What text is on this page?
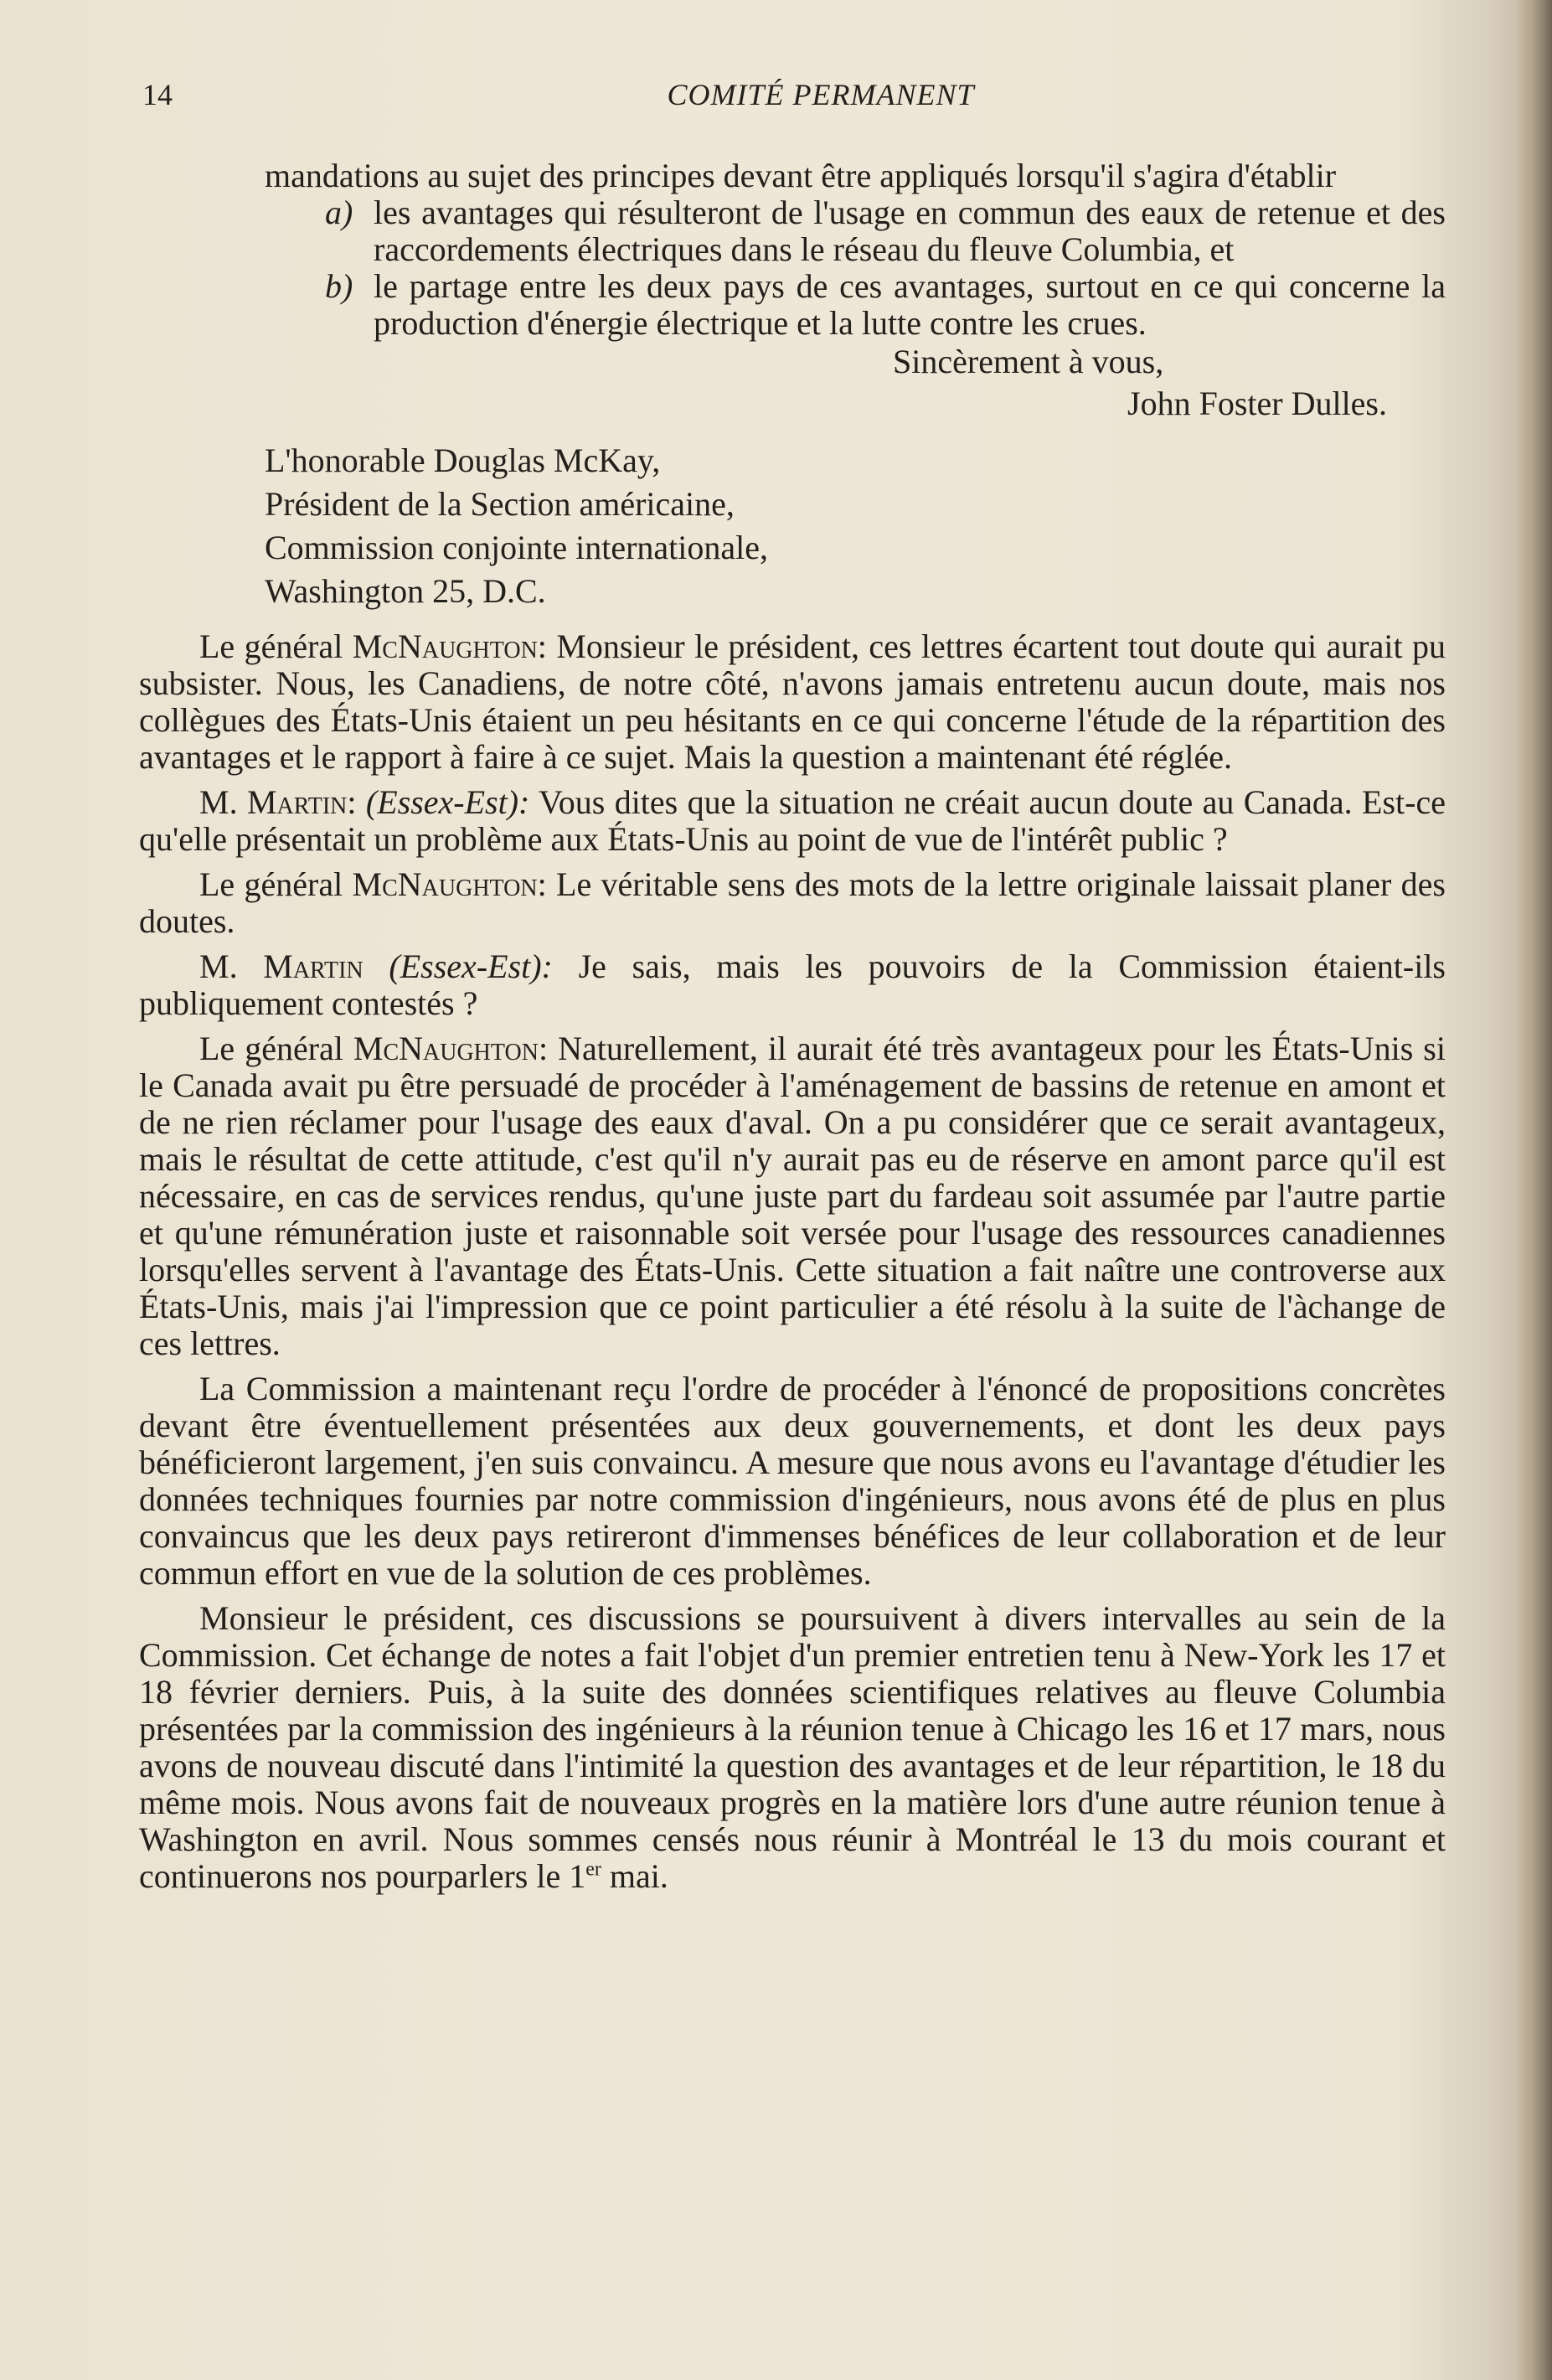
14	COMITÉ PERMANENT

mandations au sujet des principes devant être appliqués lorsqu'il s'agira d'établir

a) les avantages qui résulteront de l'usage en commun des eaux de retenue et des raccordements électriques dans le réseau du fleuve Columbia, et

b) le partage entre les deux pays de ces avantages, surtout en ce qui concerne la production d'énergie électrique et la lutte contre les crues.

Sincèrement à vous,

John Foster Dulles.

L'honorable Douglas McKay,
Président de la Section américaine,
Commission conjointe internationale,
Washington 25, D.C.

Le général McNaughton: Monsieur le président, ces lettres écartent tout doute qui aurait pu subsister. Nous, les Canadiens, de notre côté, n'avons jamais entretenu aucun doute, mais nos collègues des États-Unis étaient un peu hésitants en ce qui concerne l'étude de la répartition des avantages et le rapport à faire à ce sujet. Mais la question a maintenant été réglée.

M. Martin: (Essex-Est): Vous dites que la situation ne créait aucun doute au Canada. Est-ce qu'elle présentait un problème aux États-Unis au point de vue de l'intérêt public ?

Le général McNaughton: Le véritable sens des mots de la lettre originale laissait planer des doutes.

M. Martin (Essex-Est): Je sais, mais les pouvoirs de la Commission étaient-ils publiquement contestés ?

Le général McNaughton: Naturellement, il aurait été très avantageux pour les États-Unis si le Canada avait pu être persuadé de procéder à l'aménagement de bassins de retenue en amont et de ne rien réclamer pour l'usage des eaux d'aval. On a pu considérer que ce serait avantageux, mais le résultat de cette attitude, c'est qu'il n'y aurait pas eu de réserve en amont parce qu'il est nécessaire, en cas de services rendus, qu'une juste part du fardeau soit assumée par l'autre partie et qu'une rémunération juste et raisonnable soit versée pour l'usage des ressources canadiennes lorsqu'elles servent à l'avantage des États-Unis. Cette situation a fait naître une controverse aux États-Unis, mais j'ai l'impression que ce point particulier a été résolu à la suite de l'àchange de ces lettres.

La Commission a maintenant reçu l'ordre de procéder à l'énoncé de propositions concrètes devant être éventuellement présentées aux deux gouvernements, et dont les deux pays bénéficieront largement, j'en suis convaincu. A mesure que nous avons eu l'avantage d'étudier les données techniques fournies par notre commission d'ingénieurs, nous avons été de plus en plus convaincus que les deux pays retireront d'immenses bénéfices de leur collaboration et de leur commun effort en vue de la solution de ces problèmes.

Monsieur le président, ces discussions se poursuivent à divers intervalles au sein de la Commission. Cet échange de notes a fait l'objet d'un premier entretien tenu à New-York les 17 et 18 février derniers. Puis, à la suite des données scientifiques relatives au fleuve Columbia présentées par la commission des ingénieurs à la réunion tenue à Chicago les 16 et 17 mars, nous avons de nouveau discuté dans l'intimité la question des avantages et de leur répartition, le 18 du même mois. Nous avons fait de nouveaux progrès en la matière lors d'une autre réunion tenue à Washington en avril. Nous sommes censés nous réunir à Montréal le 13 du mois courant et continuerons nos pourparlers le 1er mai.
